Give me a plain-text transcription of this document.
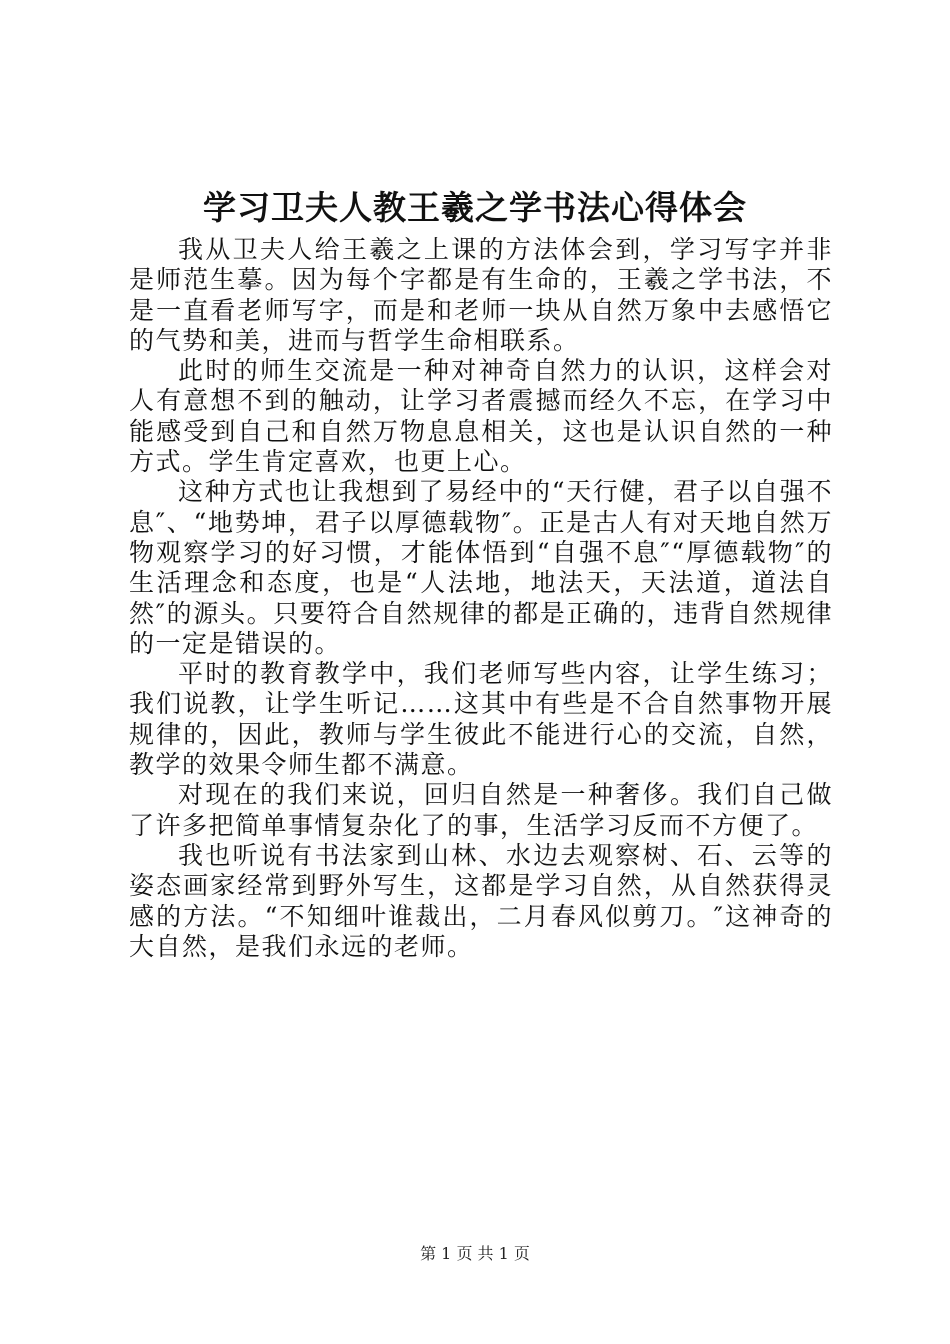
学习卫夫人教王羲之学书法心得体会

我从卫夫人给王羲之上课的方法体会到，学习写字并非是师范生摹。因为每个字都是有生命的，王羲之学书法，不是一直看老师写字，而是和老师一块从自然万象中去感悟它的气势和美，进而与哲学生命相联系。

此时的师生交流是一种对神奇自然力的认识，这样会对人有意想不到的触动，让学习者震撼而经久不忘，在学习中能感受到自己和自然万物息息相关，这也是认识自然的一种方式。学生肯定喜欢，也更上心。

这种方式也让我想到了易经中的“天行健，君子以自强不息″、“地势坤，君子以厚德载物″。正是古人有对天地自然万物观察学习的好习惯，才能体悟到“自强不息″“厚德载物″的生活理念和态度，也是“人法地，地法天，天法道，道法自然″的源头。只要符合自然规律的都是正确的，违背自然规律的一定是错误的。

平时的教育教学中，我们老师写些内容，让学生练习；我们说教，让学生听记……这其中有些是不合自然事物开展规律的，因此，教师与学生彼此不能进行心的交流，自然，教学的效果令师生都不满意。

对现在的我们来说，回归自然是一种奢侈。我们自己做了许多把简单事情复杂化了的事，生活学习反而不方便了。

我也听说有书法家到山林、水边去观察树、石、云等的姿态画家经常到野外写生，这都是学习自然，从自然获得灵感的方法。“不知细叶谁裁出，二月春风似剪刀。″这神奇的大自然，是我们永远的老师。

第 1 页 共 1 页
